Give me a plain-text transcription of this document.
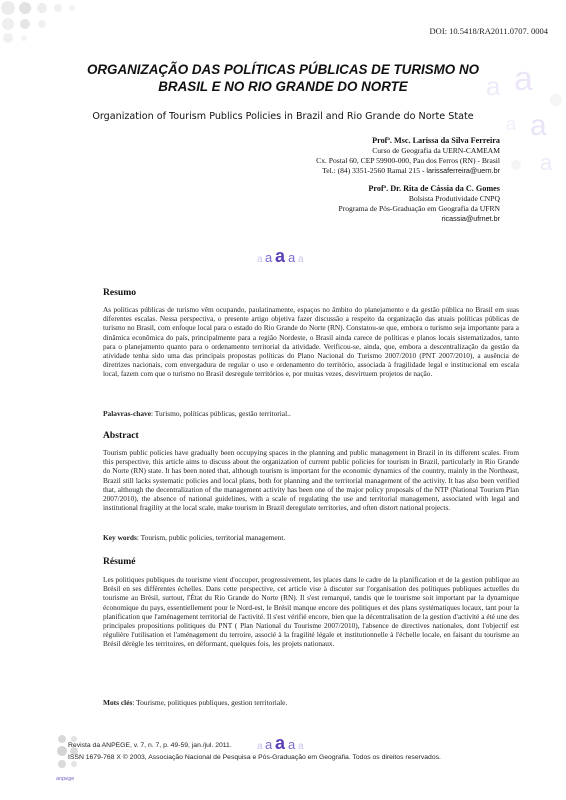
a a
a
a
a
DOI: 10.5418/RA2011.0707. 0004
ORGANIZAÇÃO DAS POLÍTICAS PÚBLICAS DE TURISMO NO
BRASIL E NO RIO GRANDE DO NORTE
Organization of Tourism Publics Policies in Brazil and Rio Grande do Norte State
Profª. Msc. Larissa da Silva Ferreira
Curso de Geografia da UERN-CAMEAM
Cx. Postal 60, CEP 59900-000, Pau dos Ferros (RN) - Brasil
Tel.: (84) 3351-2560 Ramal 215 - larissaferreira@uern.br
Profª. Dr. Rita de Cássia da C. Gomes
Bolsista Produtividade CNPQ
Programa de Pós-Graduação em Geografia da UFRN
ricassia@ufrnet.br
a a a a a
Resumo

As políticas públicas de turismo vêm ocupando, paulatinamente, espaços no âmbito do planejamento e da gestão pública no Brasil em suas diferentes escalas. Nessa perspectiva, o presente artigo objetiva fazer discussão a respeito da organização das atuais políticas públicas de turismo no Brasil, com enfoque local para o estado do Rio Grande do Norte (RN). Constatou-se que, embora o turismo seja importante para a dinâmica econômica do país, principalmente para a região Nordeste, o Brasil ainda carece de políticas e planos locais sistematizados, tanto para o planejamento quanto para o ordenamento territorial da atividade. Verificou-se, ainda, que, embora a descentralização da gestão da atividade tenha sido uma das principais propostas políticas do Plano Nacional do Turismo 2007/2010 (PNT 2007/2010), a ausência de diretrizes nacionais, com envergadura de regular o uso e ordenamento do território, associada à fragilidade legal e institucional em escala local, fazem com que o turismo no Brasil desregule territórios e, por muitas vezes, desvirtuem projetos de nação.

Palavras-chave: Turismo, políticas públicas, gestão territorial..
Abstract

Tourism public policies have gradually been occupying spaces in the planning and public management in Brazil in its different scales. From this perspective, this article aims to discuss about the organization of current public policies for tourism in Brazil, particularly in Rio Grande do Norte (RN) state. It has been noted that, although tourism is important for the economic dynamics of the country, mainly in the Northeast, Brazil still lacks systematic policies and local plans, both for planning and the territorial management of the activity. It has also been verified that, although the decentralization of the management activity has been one of the major policy proposals of the NTP (National Tourism Plan 2007/2010), the absence of national guidelines, with a scale of regulating the use and territorial management, associated with legal and institutional fragility at the local scale, make tourism in Brazil deregulate territories, and often distort national projects.

Key words: Tourism, public policies, territorial management.
Résumé

Les politiques publiques du tourisme vient d'occuper, progressivement, les places dans le cadre de la planification et de la gestion publique au Brésil en ses différentes échelles. Dans cette perspective, cet article vise à discuter sur l'organisation des politiques publiques actuelles du tourisme au Brésil, surtout, l'État du Rio Grande do Norte (RN). Il s'est remarqué, tandis que le tourisme soit important par la dynamique économique du pays, essentiellement pour le Nord-est, le Brésil manque encore des politiques et des plans systématiques locaux, tant pour la planification que l'aménagement territorial de l'activité. Il s'est vérifié encore, bien que la décentralisation de la gestion d'activité a été une des principales propositions politiques du PNT ( Plan National du Tourisme 2007/2010), l'absence de directives nationales, dont l'objectif est régulière l'utilisation et l'aménagement du terroire, associé à la fragilité légale et institutionnelle à l'échelle locale, en faisant du tourisme au Brésil dérègle les territoires, en déformant, quelques fois, les projets nationaux.

Mots clés: Tourisme, politiques publiques, gestion territoriale.
a a a a a
anpege
Revista da ANPEGE, v. 7, n. 7, p. 49-59, jan./jul. 2011.
ISSN 1679-768 X © 2003, Associação Nacional de Pesquisa e Pós-Graduação em Geografia. Todos os direitos reservados.
